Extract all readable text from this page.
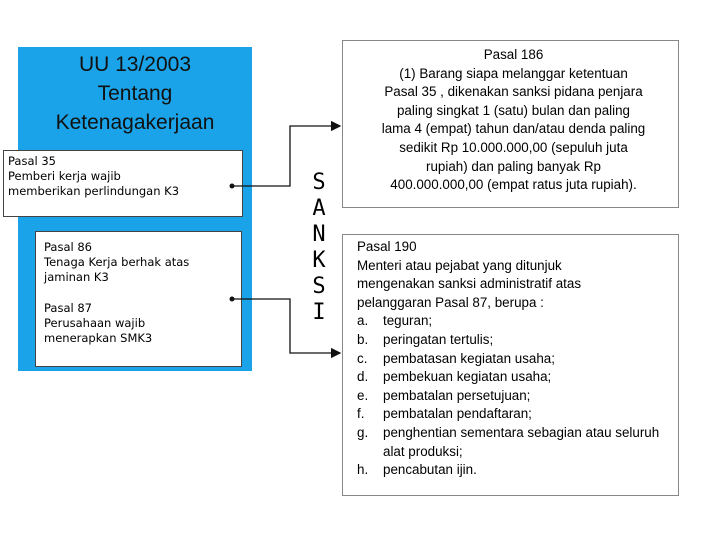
UU 13/2003
Tentang
Ketenagakerjaan
Pasal 35
Pemberi kerja wajib
memberikan perlindungan K3
Pasal 86
Tenaga Kerja berhak atas
jaminan K3
Pasal 87
Perusahaan wajib
menerapkan SMK3
S
A
N
K
S
I
Pasal 186
(1) Barang siapa melanggar ketentuan
Pasal 35 , dikenakan sanksi pidana penjara
paling singkat 1 (satu) bulan dan paling
lama 4 (empat) tahun dan/atau denda paling
sedikit Rp 10.000.000,00 (sepuluh juta
rupiah) dan paling banyak Rp
400.000.000,00 (empat ratus juta rupiah).
Pasal 190
Menteri atau pejabat yang ditunjuk
mengenakan sanksi administratif atas
pelanggaran Pasal 87, berupa :
a. teguran;
b. peringatan tertulis;
c. pembatasan kegiatan usaha;
d. pembekuan kegiatan usaha;
e. pembatalan persetujuan;
f. pembatalan pendaftaran;
g. penghentian sementara sebagian atau seluruh alat produksi;
h. pencabutan ijin.
